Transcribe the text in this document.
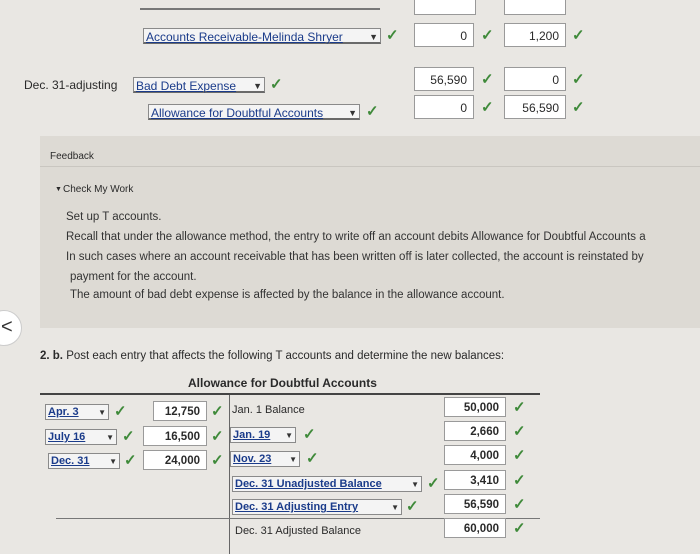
Accounts Receivable-Melinda Shryer	▼ ✓	0 ✓	1,200 ✓
Dec. 31-adjusting Bad Debt Expense ▼ ✓	56,590 ✓	0 ✓
Allowance for Doubtful Accounts	▼ ✓	0 ✓	56,590 ✓
Feedback
▼ Check My Work
Set up T accounts.
Recall that under the allowance method, the entry to write off an account debits Allowance for Doubtful Accounts a
In such cases where an account receivable that has been written off is later collected, the account is reinstated by
payment for the account.
The amount of bad debt expense is affected by the balance in the allowance account.
<
2. b. Post each entry that affects the following T accounts and determine the new balances:
Allowance for Doubtful Accounts
Apr. 3 ▼ ✓	12,750 ✓
July 16	▼ ✓	16,500 ✓
Dec. 31 ▼ ✓	24,000 ✓
Jan. 1 Balance	50,000 ✓
Jan. 19 ▼ ✓	2,660 ✓
Nov. 23 ▼ ✓	4,000 ✓
Dec. 31 Unadjusted Balance	▼ ✓	3,410 ✓
Dec. 31 Adjusting Entry	▼ ✓	56,590 ✓
Dec. 31 Adjusted Balance	60,000 ✓
